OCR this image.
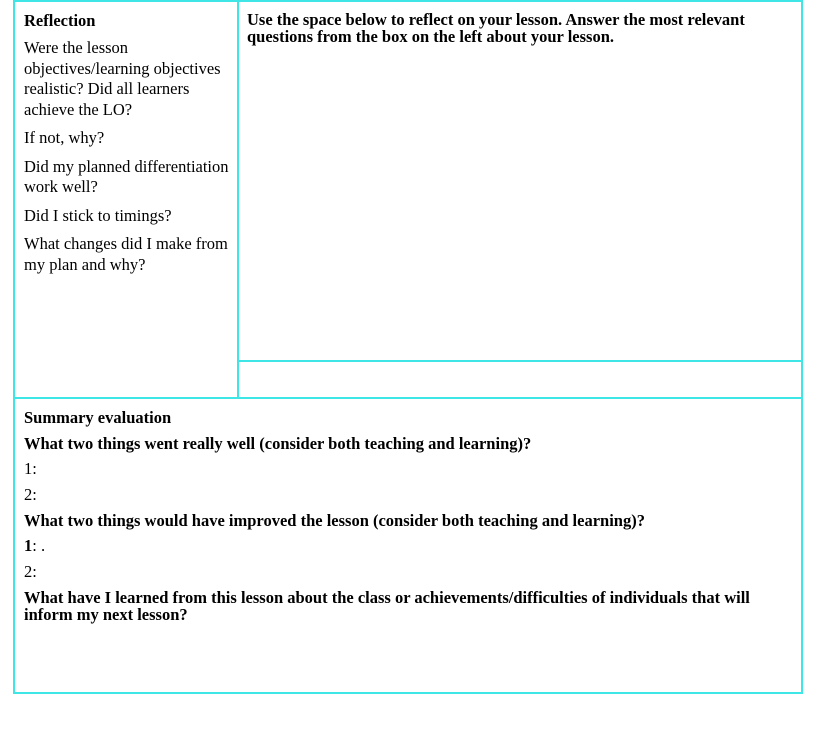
Reflection

Were the lesson objectives/learning objectives realistic? Did all learners achieve the LO?

If not, why?

Did my planned differentiation work well?

Did I stick to timings?

What changes did I make from my plan and why?

Use the space below to reflect on your lesson. Answer the most relevant questions from the box on the left about your lesson.

Summary evaluation

What two things went really well (consider both teaching and learning)?

1:

2:

What two things would have improved the lesson (consider both teaching and learning)?

1: .

2:

What have I learned from this lesson about the class or achievements/difficulties of individuals that will inform my next lesson?
